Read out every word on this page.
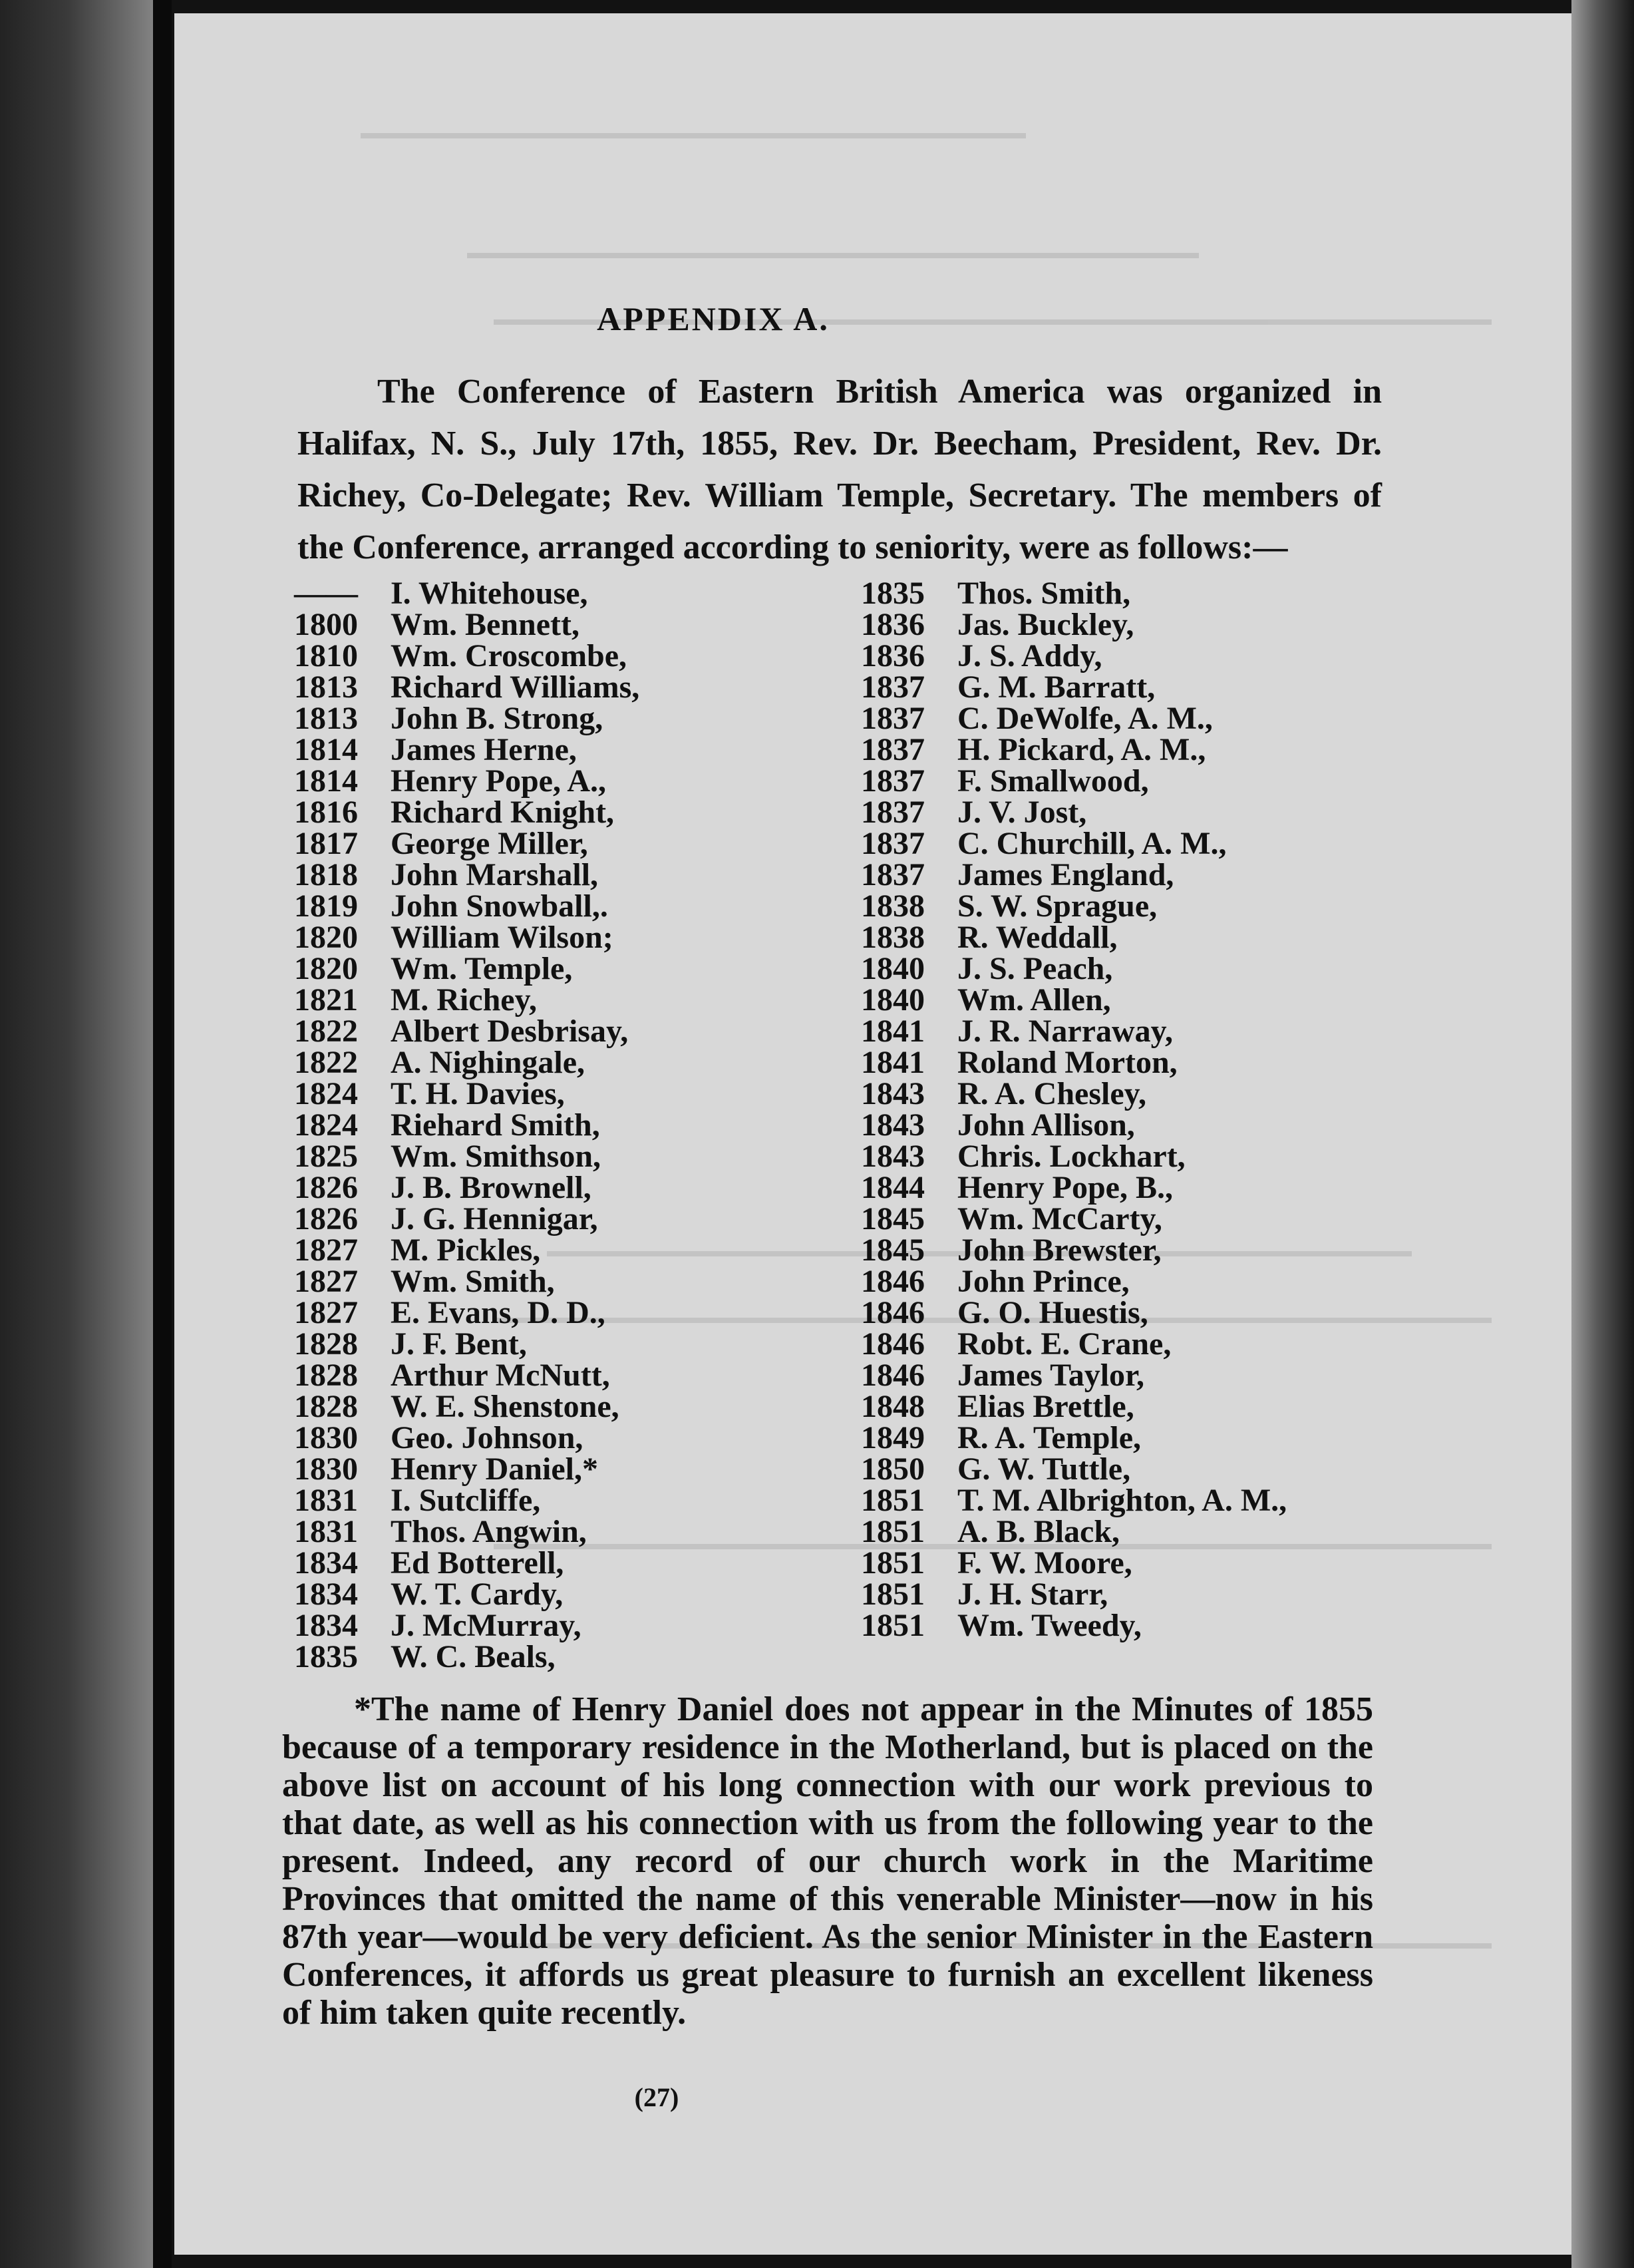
APPENDIX A.

The Conference of Eastern British America was organized in Halifax, N. S., July 17th, 1855, Rev. Dr. Beecham, President, Rev. Dr. Richey, Co-Delegate; Rev. William Temple, Secretary. The members of the Conference, arranged according to seniority, were as follows:—

——	I. Whitehouse,
1800	Wm. Bennett,
1810	Wm. Croscombe,
1813	Richard Williams,
1813	John B. Strong,
1814	James Herne,
1814	Henry Pope, A.,
1816	Richard Knight,
1817	George Miller,
1818	John Marshall,
1819	John Snowball,.
1820	William Wilson;
1820	Wm. Temple,
1821	M. Richey,
1822	Albert Desbrisay,
1822	A. Nighingale,
1824	T. H. Davies,
1824	Riehard Smith,
1825	Wm. Smithson,
1826	J. B. Brownell,
1826	J. G. Hennigar,
1827	M. Pickles,
1827	Wm. Smith,
1827	E. Evans, D. D.,
1828	J. F. Bent,
1828	Arthur McNutt,
1828	W. E. Shenstone,
1830	Geo. Johnson,
1830	Henry Daniel,*
1831	I. Sutcliffe,
1831	Thos. Angwin,
1834	Ed Botterell,
1834	W. T. Cardy,
1834	J. McMurray,
1835	W. C. Beals,
1835	Thos. Smith,
1836	Jas. Buckley,
1836	J. S. Addy,
1837	G. M. Barratt,
1837	C. DeWolfe, A. M.,
1837	H. Pickard, A. M.,
1837	F. Smallwood,
1837	J. V. Jost,
1837	C. Churchill, A. M.,
1837	James England,
1838	S. W. Sprague,
1838	R. Weddall,
1840	J. S. Peach,
1840	Wm. Allen,
1841	J. R. Narraway,
1841	Roland Morton,
1843	R. A. Chesley,
1843	John Allison,
1843	Chris. Lockhart,
1844	Henry Pope, B.,
1845	Wm. McCarty,
1845	John Brewster,
1846	John Prince,
1846	G. O. Huestis,
1846	Robt. E. Crane,
1846	James Taylor,
1848	Elias Brettle,
1849	R. A. Temple,
1850	G. W. Tuttle,
1851	T. M. Albrighton, A. M.,
1851	A. B. Black,
1851	F. W. Moore,
1851	J. H. Starr,
1851	Wm. Tweedy,

*The name of Henry Daniel does not appear in the Minutes of 1855 because of a temporary residence in the Motherland, but is placed on the above list on account of his long connection with our work previous to that date, as well as his connection with us from the following year to the present. Indeed, any record of our church work in the Maritime Provinces that omitted the name of this venerable Minister—now in his 87th year—would be very deficient. As the senior Minister in the Eastern Conferences, it affords us great pleasure to furnish an excellent likeness of him taken quite recently.

(27)
